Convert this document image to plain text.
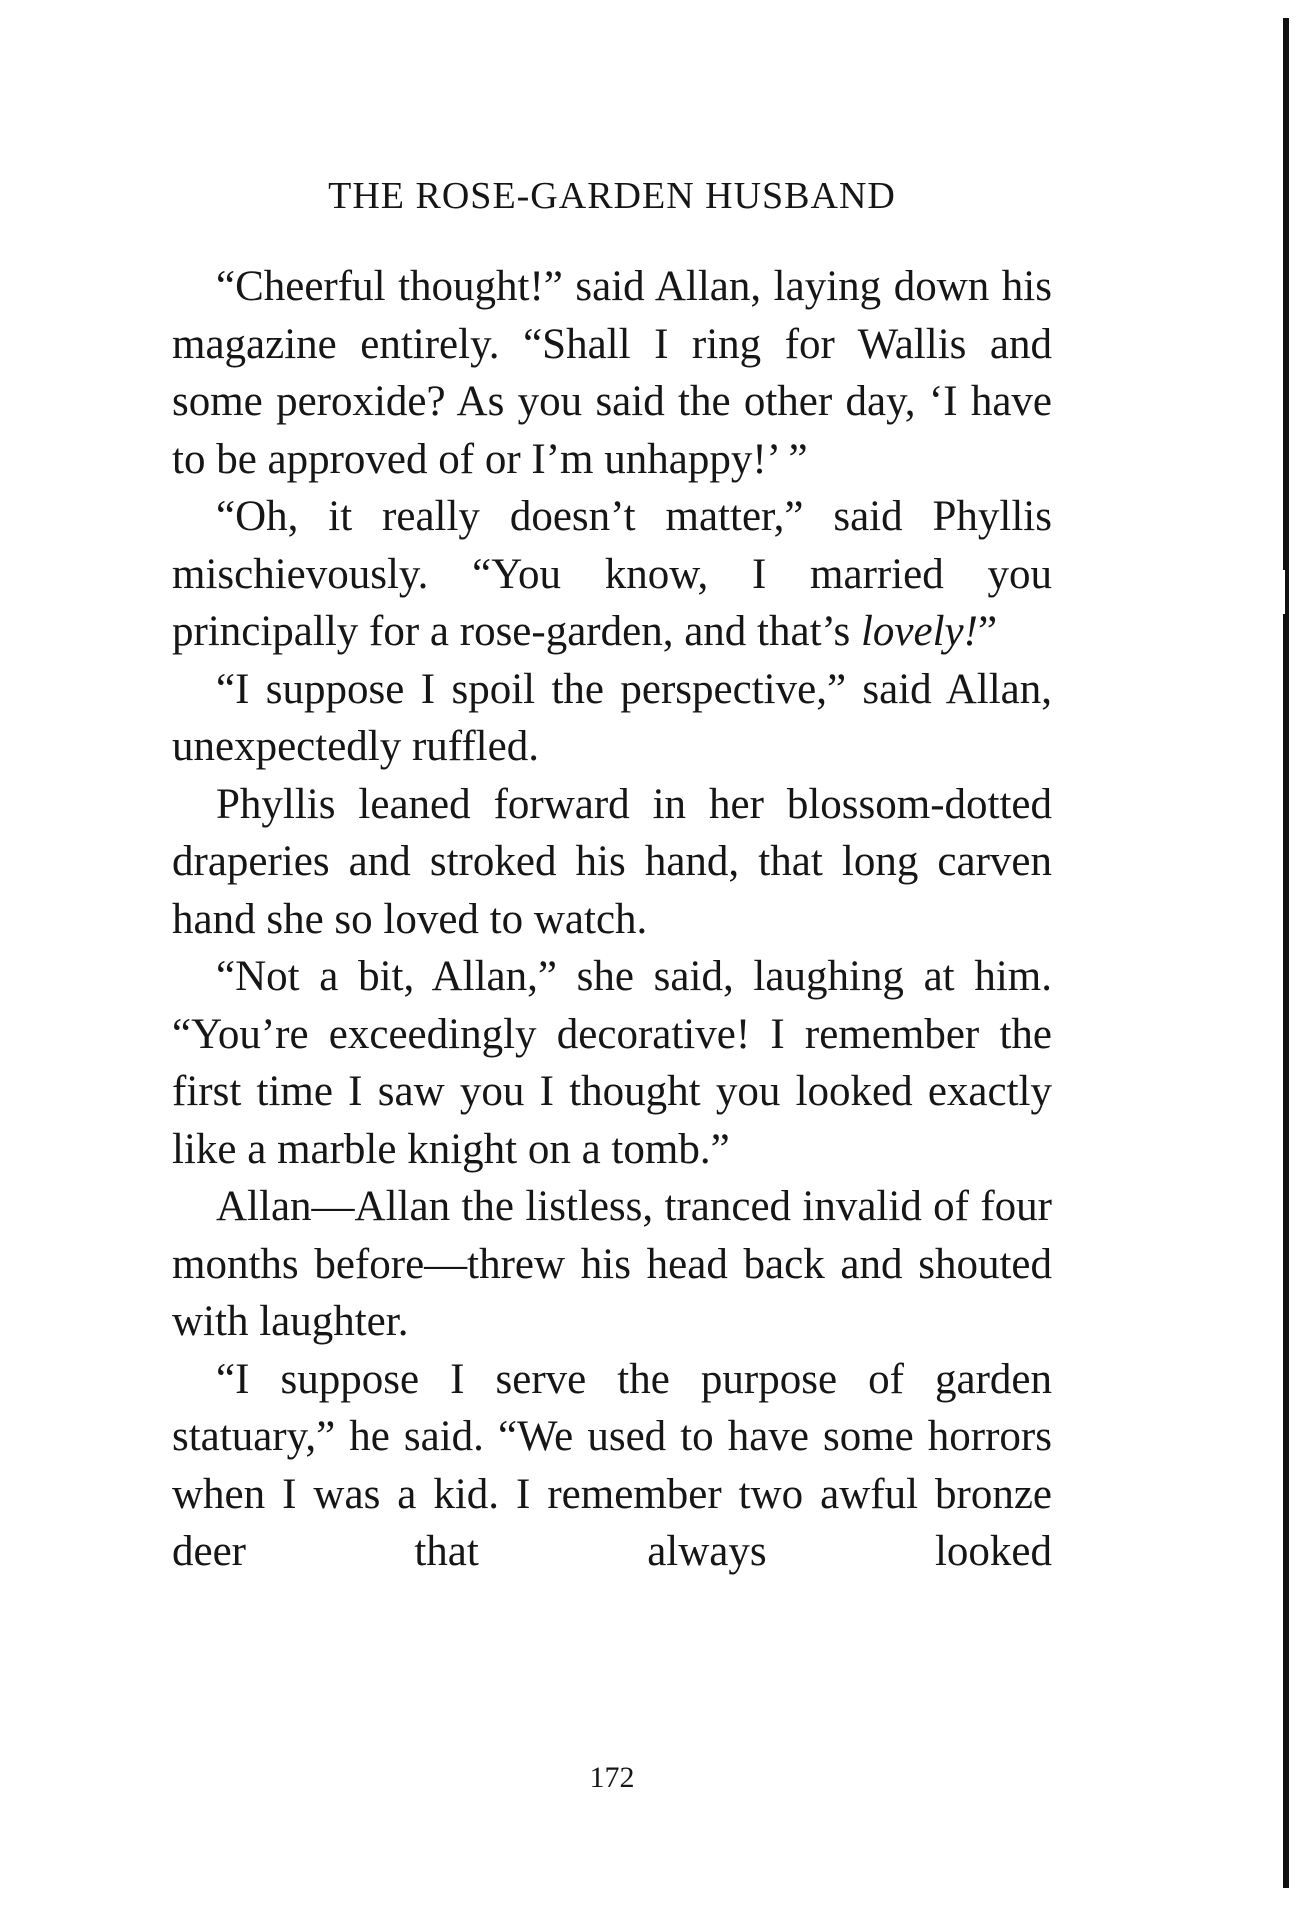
THE ROSE-GARDEN HUSBAND

“Cheerful thought!” said Allan, laying down his magazine entirely. “Shall I ring for Wallis and some peroxide? As you said the other day, ‘I have to be approved of or I’m unhappy!’ ”

“Oh, it really doesn’t matter,” said Phyllis mischievously. “You know, I married you principally for a rose-garden, and that’s lovely!”

“I suppose I spoil the perspective,” said Allan, unexpectedly ruffled.

Phyllis leaned forward in her blossom-dotted draperies and stroked his hand, that long carven hand she so loved to watch.

“Not a bit, Allan,” she said, laughing at him. “You’re exceedingly decorative! I remember the first time I saw you I thought you looked exactly like a marble knight on a tomb.”

Allan—Allan the listless, tranced invalid of four months before—threw his head back and shouted with laughter.

“I suppose I serve the purpose of garden statuary,” he said. “We used to have some horrors when I was a kid. I remember two awful bronze deer that always looked

172
